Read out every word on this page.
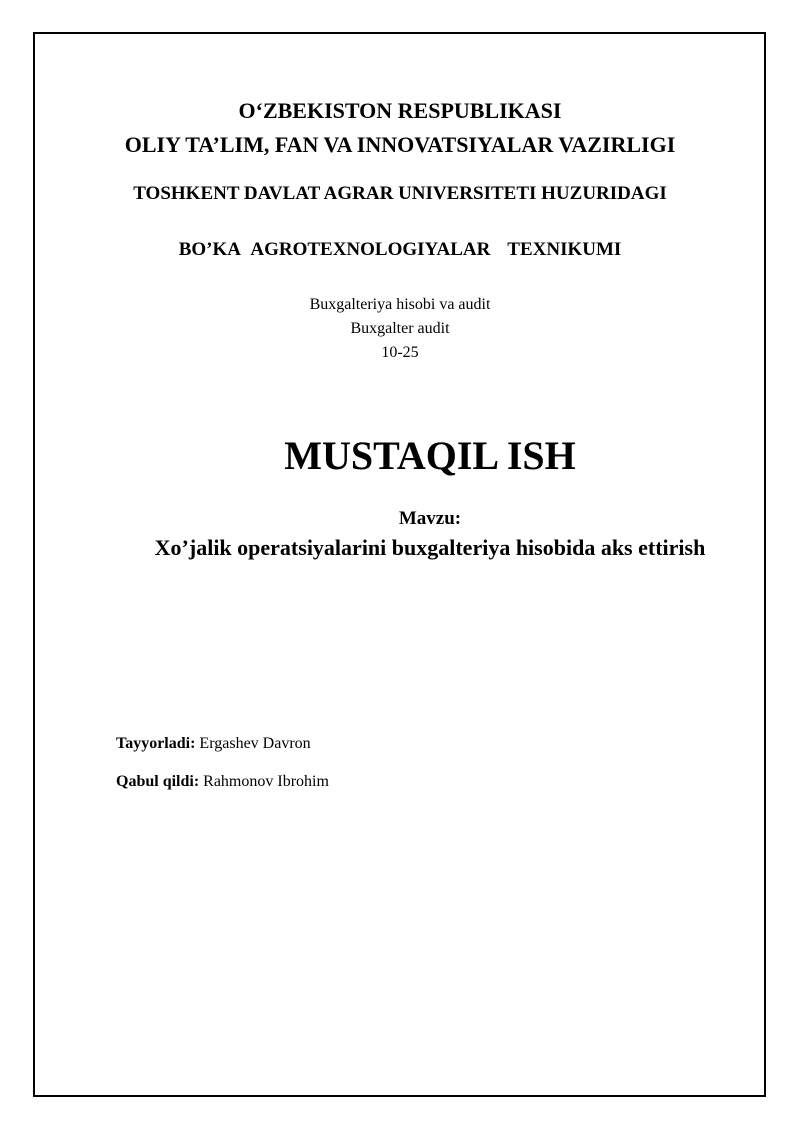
O‘ZBEKISTON RESPUBLIKASI
OLIY TA’LIM, FAN VA INNOVATSIYALAR VAZIRLIGI
TOSHKENT DAVLAT AGRAR UNIVERSITETI HUZURIDAGI
BO’KA  AGROTEXNOLOGIYALAR   TEXNIKUMI
Buxgalteriya hisobi va audit
Buxgalter audit
10-25
MUSTAQIL ISH
Mavzu:
Xo’jalik operatsiyalarini buxgalteriya hisobida aks ettirish
Tayyorladi: Ergashev Davron
Qabul qildi: Rahmonov Ibrohim
